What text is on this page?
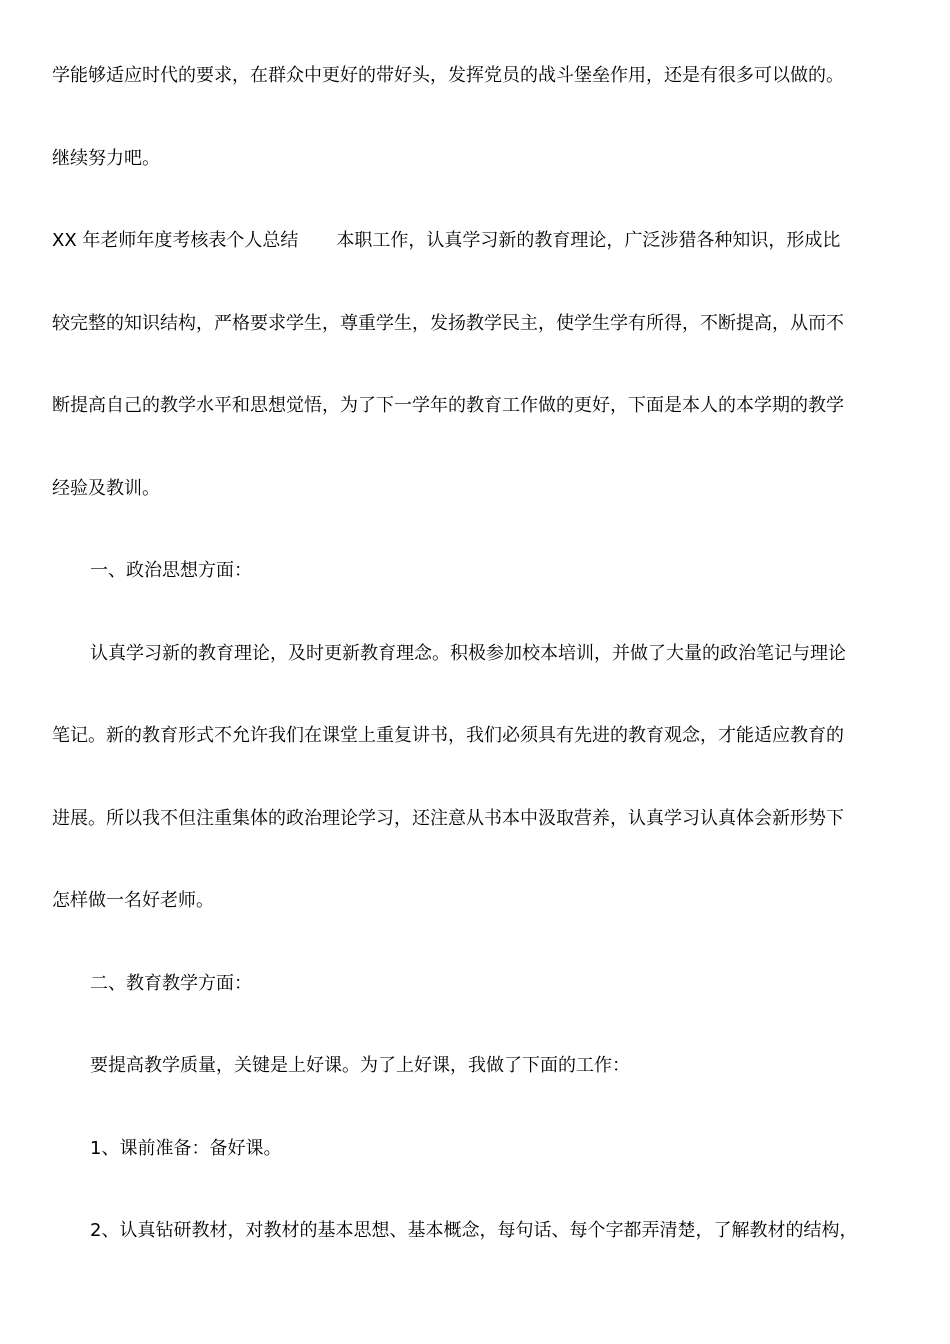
学能够适应时代的要求，在群众中更好的带好头，发挥党员的战斗堡垒作用，还是有很多可以做的。
继续努力吧。
XX 年老师年度考核表个人总结 本职工作，认真学习新的教育理论，广泛涉猎各种知识，形成比
较完整的知识结构，严格要求学生，尊重学生，发扬教学民主，使学生学有所得，不断提高，从而不
断提高自己的教学水平和思想觉悟，为了下一学年的教育工作做的更好，下面是本人的本学期的教学
经验及教训。
一、政治思想方面：
认真学习新的教育理论，及时更新教育理念。积极参加校本培训，并做了大量的政治笔记与理论
笔记。新的教育形式不允许我们在课堂上重复讲书，我们必须具有先进的教育观念，才能适应教育的
进展。所以我不但注重集体的政治理论学习，还注意从书本中汲取营养，认真学习认真体会新形势下
怎样做一名好老师。
二、教育教学方面：
要提高教学质量，关键是上好课。为了上好课，我做了下面的工作：
1、课前准备：备好课。
2、认真钻研教材，对教材的基本思想、基本概念，每句话、每个字都弄清楚，了解教材的结构，
